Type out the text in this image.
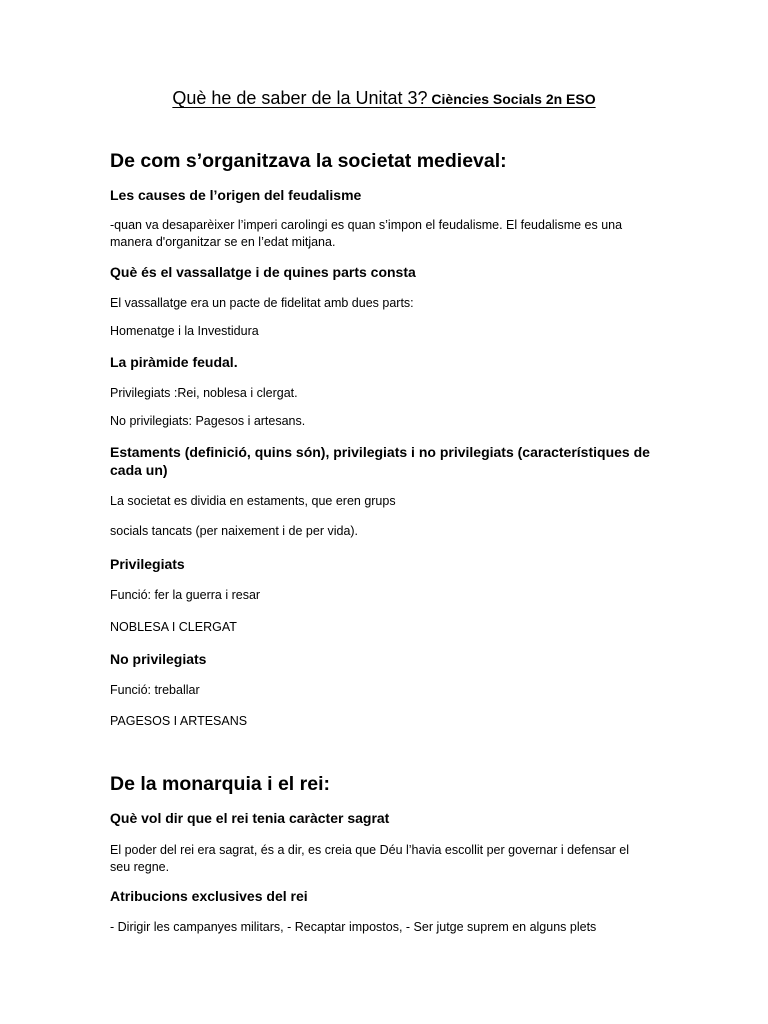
Què he de saber de la Unitat 3? Ciències Socials 2n ESO
De com s’organitzava la societat medieval:
Les causes de l’origen del feudalisme

-quan va desaparèixer l’imperi carolingi es quan s’impon el feudalisme. El feudalisme es una manera d'organitzar se en l’edat mitjana.

Què és el vassallatge i de quines parts consta

El vassallatge era un pacte de fidelitat amb dues parts:

Homenatge i la Investidura

La piràmide feudal.

Privilegiats :Rei, noblesa i clergat.

No privilegiats: Pagesos i artesans.

Estaments (definició, quins són), privilegiats i no privilegiats (característiques de cada un)

La societat es dividia en estaments, que eren grups

socials tancats (per naixement i de per vida).

Privilegiats

Funció: fer la guerra i resar

NOBLESA I CLERGAT

No privilegiats

Funció: treballar

PAGESOS I ARTESANS

De la monarquia i el rei:
Què vol dir que el rei tenia caràcter sagrat

El poder del rei era sagrat, és a dir, es creia que Déu l’havia escollit per governar i defensar el seu regne.

Atribucions exclusives del rei

- Dirigir les campanyes militars, - Recaptar impostos, - Ser jutge suprem en alguns plets
